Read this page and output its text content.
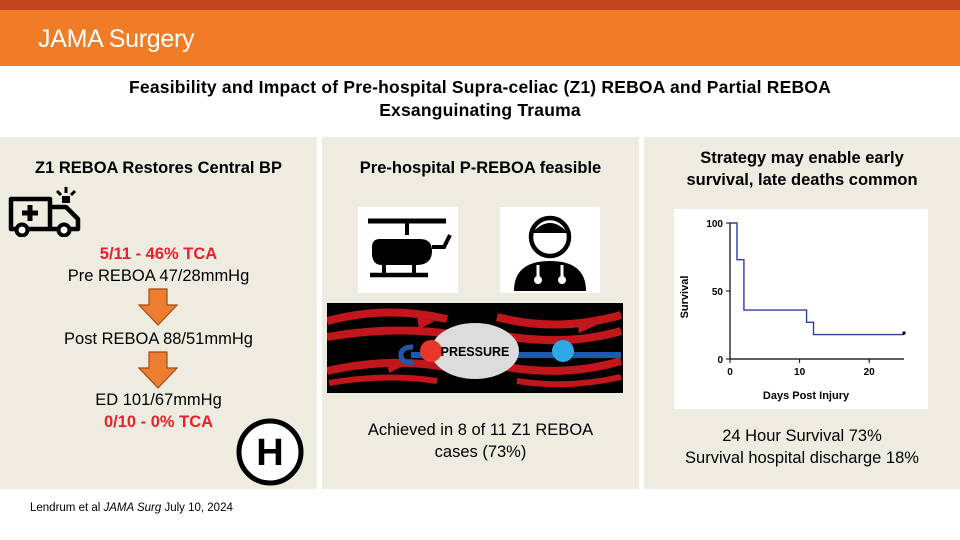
JAMA Surgery
Feasibility and Impact of Pre-hospital Supra-celiac (Z1) REBOA and Partial REBOA
Exsanguinating Trauma
Z1 REBOA Restores Central BP
5/11 - 46% TCA
Pre REBOA 47/28mmHg
Post REBOA 88/51mmHg
ED 101/67mmHg
0/10 - 0% TCA
H
Pre-hospital P-REBOA feasible
PRESSURE
Achieved in 8 of 11 Z1 REBOA
cases (73%)
Strategy may enable early
survival, late deaths common
Survival
Days Post Injury
0
50
100
0	10	20
24 Hour Survival 73%
Survival hospital discharge 18%
Lendrum et al JAMA Surg July 10, 2024
